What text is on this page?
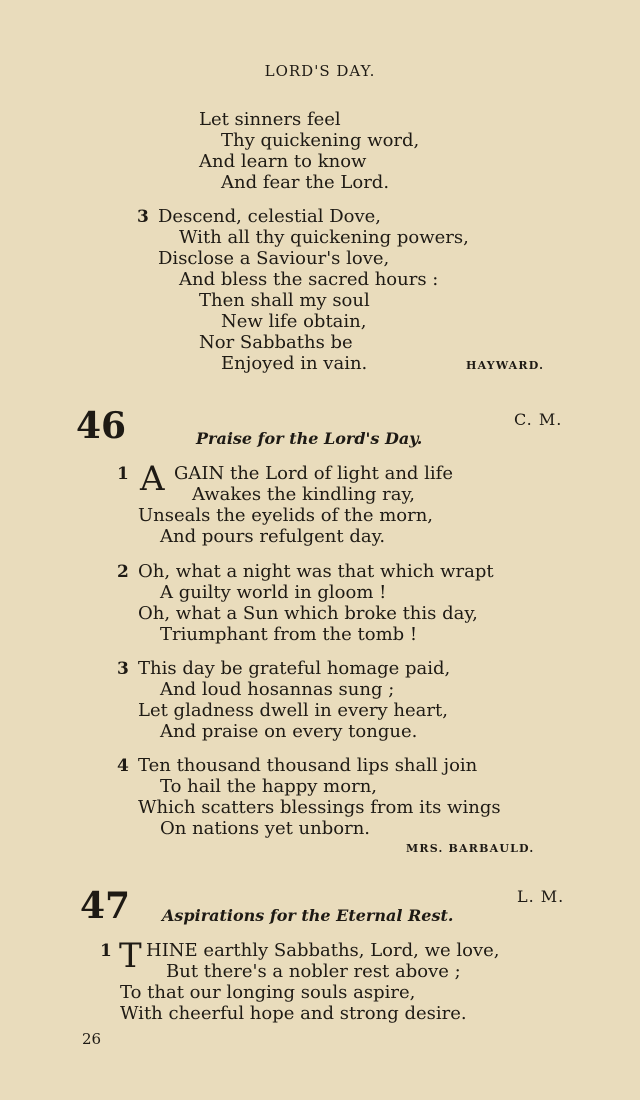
LORD'S DAY.
Let sinners feel
Thy quickening word,
And learn to know
And fear the Lord.
3 Descend, celestial Dove,
With all thy quickening powers,
Disclose a Saviour's love,
And bless the sacred hours :
Then shall my soul
New life obtain,
Nor Sabbaths be
Enjoyed in vain.	HAYWARD.
46	C. M.
Praise for the Lord's Day.
1 A GAIN the Lord of light and life
Awakes the kindling ray,
Unseals the eyelids of the morn,
And pours refulgent day.
2 Oh, what a night was that which wrapt
A guilty world in gloom !
Oh, what a Sun which broke this day,
Triumphant from the tomb !
3 This day be grateful homage paid,
And loud hosannas sung ;
Let gladness dwell in every heart,
And praise on every tongue.
4 Ten thousand thousand lips shall join
To hail the happy morn,
Which scatters blessings from its wings
On nations yet unborn.
MRS. BARBAULD.
47	L. M.
Aspirations for the Eternal Rest.
1 T HINE earthly Sabbaths, Lord, we love,
But there's a nobler rest above ;
To that our longing souls aspire,
With cheerful hope and strong desire.
26
